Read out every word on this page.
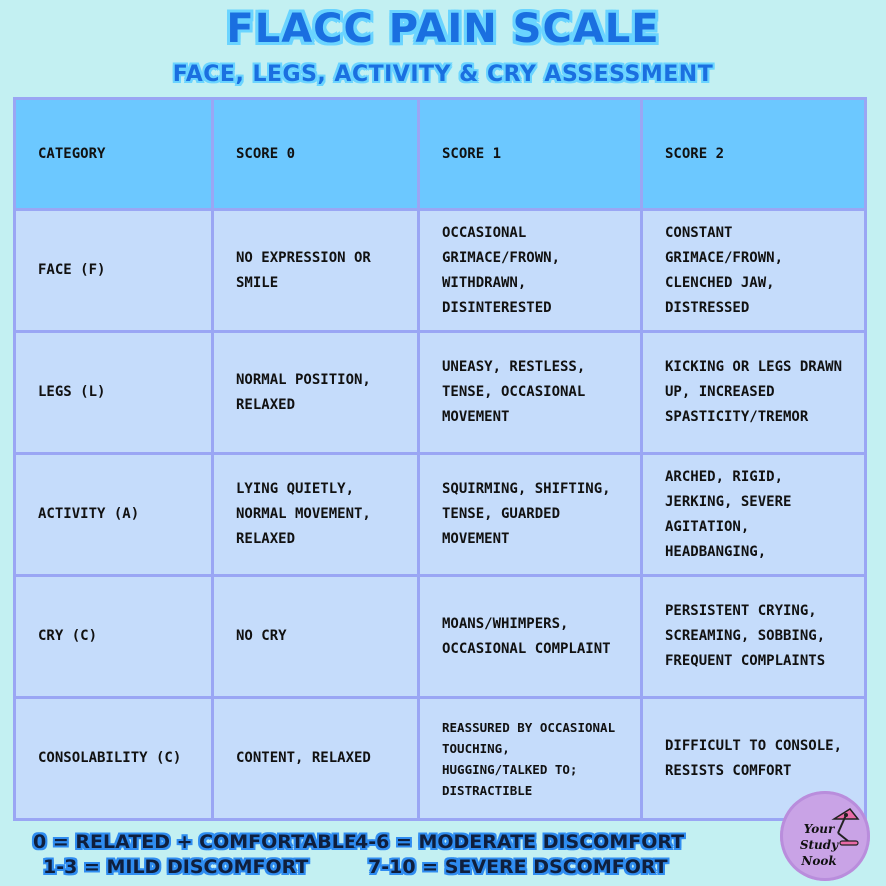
FLACC PAIN SCALE
FACE, LEGS, ACTIVITY & CRY ASSESSMENT
CATEGORY	SCORE 0	SCORE 1	SCORE 2
FACE (F)	NO EXPRESSION OR SMILE	OCCASIONAL GRIMACE/FROWN, WITHDRAWN, DISINTERESTED	CONSTANT GRIMACE/FROWN, CLENCHED JAW, DISTRESSED
LEGS (L)	NORMAL POSITION, RELAXED	UNEASY, RESTLESS, TENSE, OCCASIONAL MOVEMENT	KICKING OR LEGS DRAWN UP, INCREASED SPASTICITY/TREMOR
ACTIVITY (A)	LYING QUIETLY, NORMAL MOVEMENT, RELAXED	SQUIRMING, SHIFTING, TENSE, GUARDED MOVEMENT	ARCHED, RIGID, JERKING, SEVERE AGITATION, HEADBANGING,
CRY (C)	NO CRY	MOANS/WHIMPERS, OCCASIONAL COMPLAINT	PERSISTENT CRYING, SCREAMING, SOBBING, FREQUENT COMPLAINTS
CONSOLABILITY (C)	CONTENT, RELAXED	REASSURED BY OCCASIONAL TOUCHING, HUGGING/TALKED TO; DISTRACTIBLE	DIFFICULT TO CONSOLE, RESISTS COMFORT
0 = RELATED + COMFORTABLE
1-3 = MILD DISCOMFORT
4-6 = MODERATE DISCOMFORT
7-10 = SEVERE DSCOMFORT
Your
Study Nook
